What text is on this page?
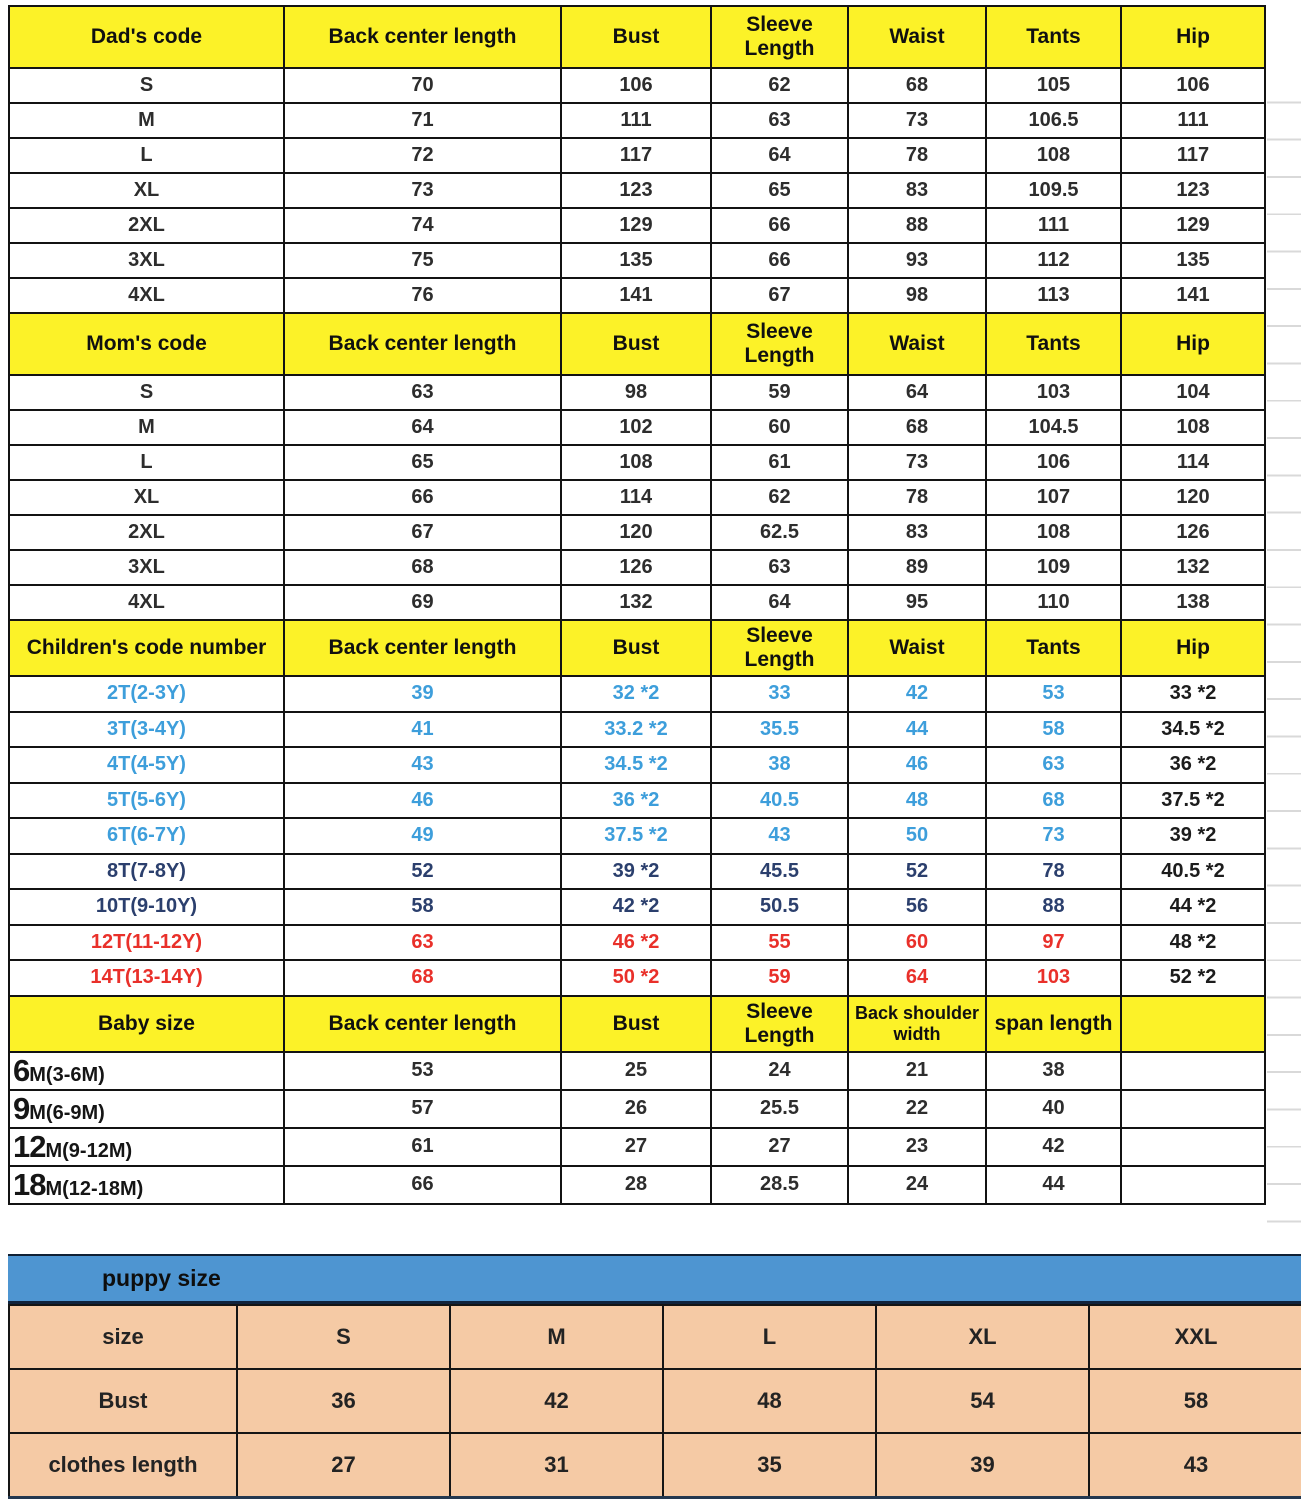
Dad's code	Back center length	Bust	Sleeve Length	Waist	Tants	Hip
S	70	106	62	68	105	106
M	71	111	63	73	106.5	111
L	72	117	64	78	108	117
XL	73	123	65	83	109.5	123
2XL	74	129	66	88	111	129
3XL	75	135	66	93	112	135
4XL	76	141	67	98	113	141
Mom's code	Back center length	Bust	Sleeve Length	Waist	Tants	Hip
S	63	98	59	64	103	104
M	64	102	60	68	104.5	108
L	65	108	61	73	106	114
XL	66	114	62	78	107	120
2XL	67	120	62.5	83	108	126
3XL	68	126	63	89	109	132
4XL	69	132	64	95	110	138
Children's code number	Back center length	Bust	Sleeve Length	Waist	Tants	Hip
2T(2-3Y)	39	32 *2	33	42	53	33 *2
3T(3-4Y)	41	33.2 *2	35.5	44	58	34.5 *2
4T(4-5Y)	43	34.5 *2	38	46	63	36 *2
5T(5-6Y)	46	36 *2	40.5	48	68	37.5 *2
6T(6-7Y)	49	37.5 *2	43	50	73	39 *2
8T(7-8Y)	52	39 *2	45.5	52	78	40.5 *2
10T(9-10Y)	58	42 *2	50.5	56	88	44 *2
12T(11-12Y)	63	46 *2	55	60	97	48 *2
14T(13-14Y)	68	50 *2	59	64	103	52 *2
Baby size	Back center length	Bust	Sleeve Length	Back shoulder width	span length	
6M(3-6M)	53	25	24	21	38	
9M(6-9M)	57	26	25.5	22	40	
12M(9-12M)	61	27	27	23	42	
18M(12-18M)	66	28	28.5	24	44	
puppy size
size	S	M	L	XL	XXL
Bust	36	42	48	54	58
clothes length	27	31	35	39	43
